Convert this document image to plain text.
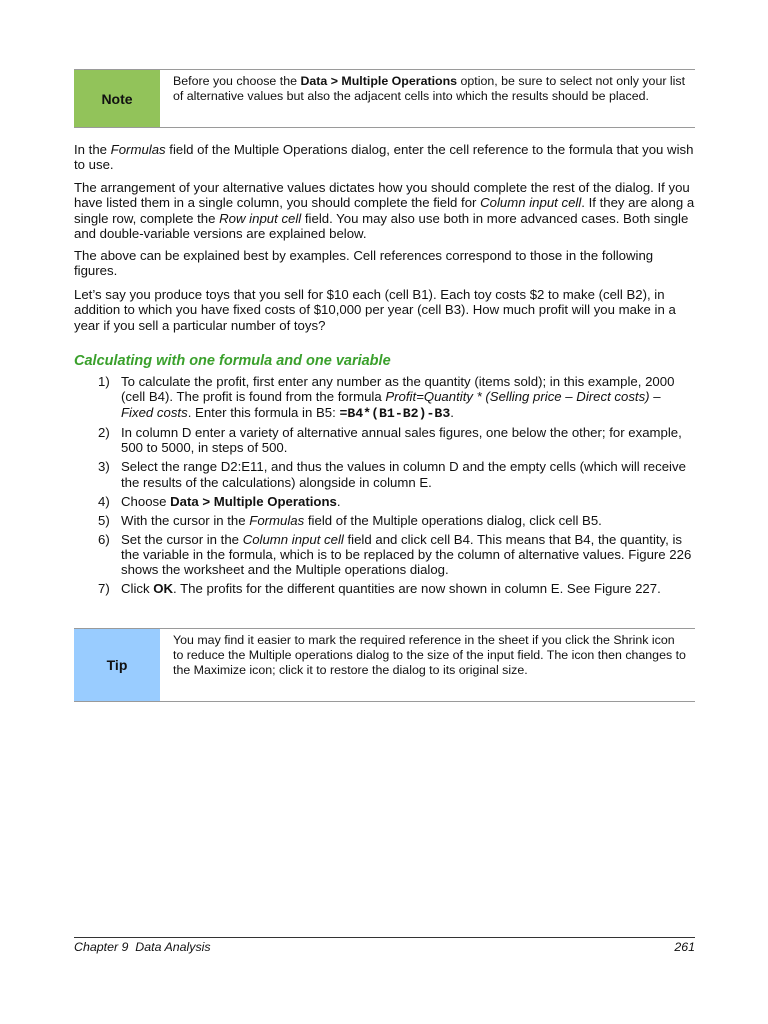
Note
Before you choose the Data > Multiple Operations option, be sure to select not only your list of alternative values but also the adjacent cells into which the results should be placed.

In the Formulas field of the Multiple Operations dialog, enter the cell reference to the formula that you wish to use.

The arrangement of your alternative values dictates how you should complete the rest of the dialog. If you have listed them in a single column, you should complete the field for Column input cell. If they are along a single row, complete the Row input cell field. You may also use both in more advanced cases. Both single and double-variable versions are explained below.

The above can be explained best by examples. Cell references correspond to those in the following figures.

Let’s say you produce toys that you sell for $10 each (cell B1). Each toy costs $2 to make (cell B2), in addition to which you have fixed costs of $10,000 per year (cell B3). How much profit will you make in a year if you sell a particular number of toys?

Calculating with one formula and one variable
1) To calculate the profit, first enter any number as the quantity (items sold); in this example, 2000 (cell B4). The profit is found from the formula Profit=Quantity * (Selling price – Direct costs) – Fixed costs. Enter this formula in B5: =B4*(B1-B2)-B3.
2) In column D enter a variety of alternative annual sales figures, one below the other; for example, 500 to 5000, in steps of 500.
3) Select the range D2:E11, and thus the values in column D and the empty cells (which will receive the results of the calculations) alongside in column E.
4) Choose Data > Multiple Operations.
5) With the cursor in the Formulas field of the Multiple operations dialog, click cell B5.
6) Set the cursor in the Column input cell field and click cell B4. This means that B4, the quantity, is the variable in the formula, which is to be replaced by the column of alternative values. Figure 226 shows the worksheet and the Multiple operations dialog.
7) Click OK. The profits for the different quantities are now shown in column E. See Figure 227.
Tip
You may find it easier to mark the required reference in the sheet if you click the Shrink icon to reduce the Multiple operations dialog to the size of the input field. The icon then changes to the Maximize icon; click it to restore the dialog to its original size.
Chapter 9  Data Analysis	261
